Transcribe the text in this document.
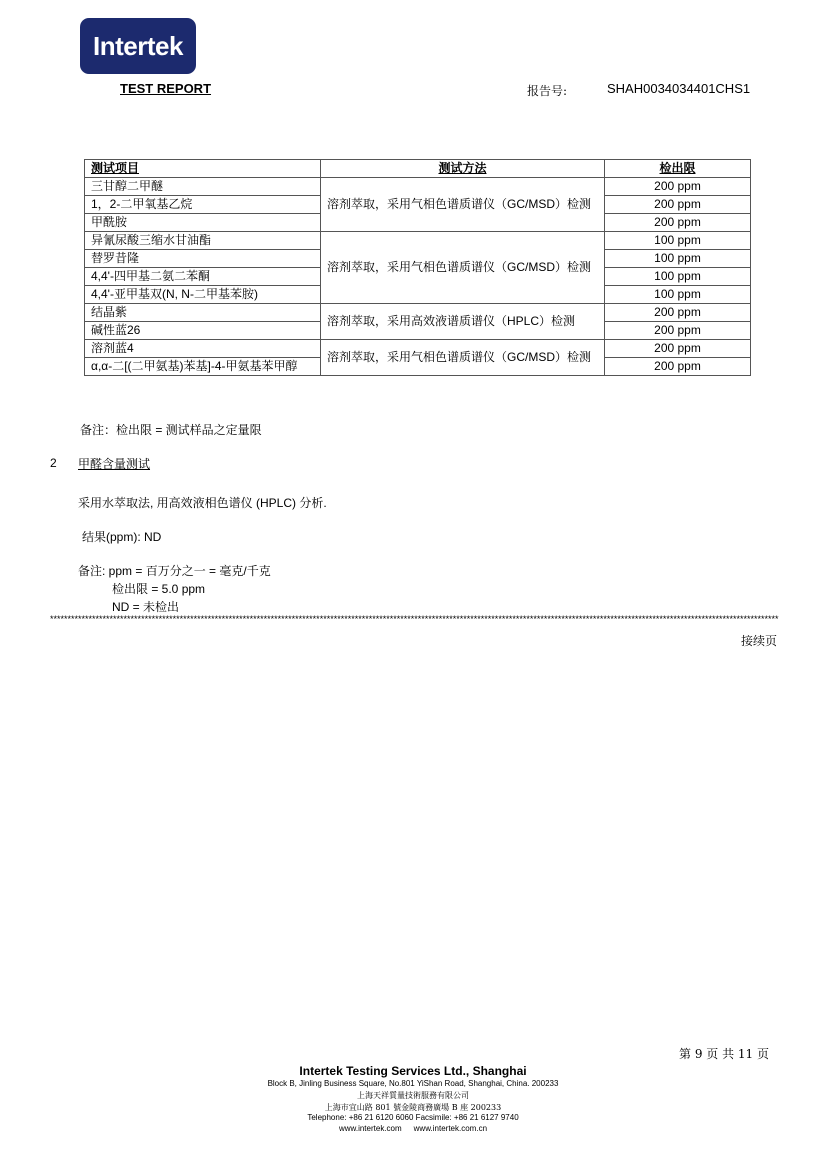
Intertek
TEST REPORT	报告号:	SHAH0034034401CHS1
测试项目	测试方法	检出限
三甘醇二甲醚	溶剂萃取，采用气相色谱质谱仪（GC/MSD）检测	200 ppm
1，2-二甲氧基乙烷		200 ppm
甲酰胺		200 ppm
异氰尿酸三缩水甘油酯	溶剂萃取，采用气相色谱质谱仪（GC/MSD）检测	100 ppm
替罗昔隆		100 ppm
4,4'-四甲基二氨二苯酮		100 ppm
4,4'-亚甲基双(N, N-二甲基苯胺)		100 ppm
结晶紫	溶剂萃取，采用高效液谱质谱仪（HPLC）检测	200 ppm
碱性蓝26		200 ppm
溶剂蓝4	溶剂萃取，采用气相色谱质谱仪（GC/MSD）检测	200 ppm
α,α-二[(二甲氨基)苯基]-4-甲氨基苯甲醇		200 ppm
备注：检出限 = 测试样品之定量限
2 甲醛含量测试
采用水萃取法, 用高效液相色谱仪 (HPLC) 分析.
结果(ppm): ND
备注: ppm = 百万分之一 = 毫克/千克
检出限 = 5.0 ppm
ND = 未检出
****************************************************************************************************************************************************************************************************************
接续页
第 9 页 共 11 页
Intertek Testing Services Ltd., Shanghai
Block B, Jinling Business Square, No.801 YiShan Road, Shanghai, China. 200233
上海天祥質量技術服務有限公司
上海市宜山路 801 號金陵商務廣場 B 座 200233
Telephone: +86 21 6120 6060 Facsimile: +86 21 6127 9740
www.intertek.com www.intertek.com.cn
